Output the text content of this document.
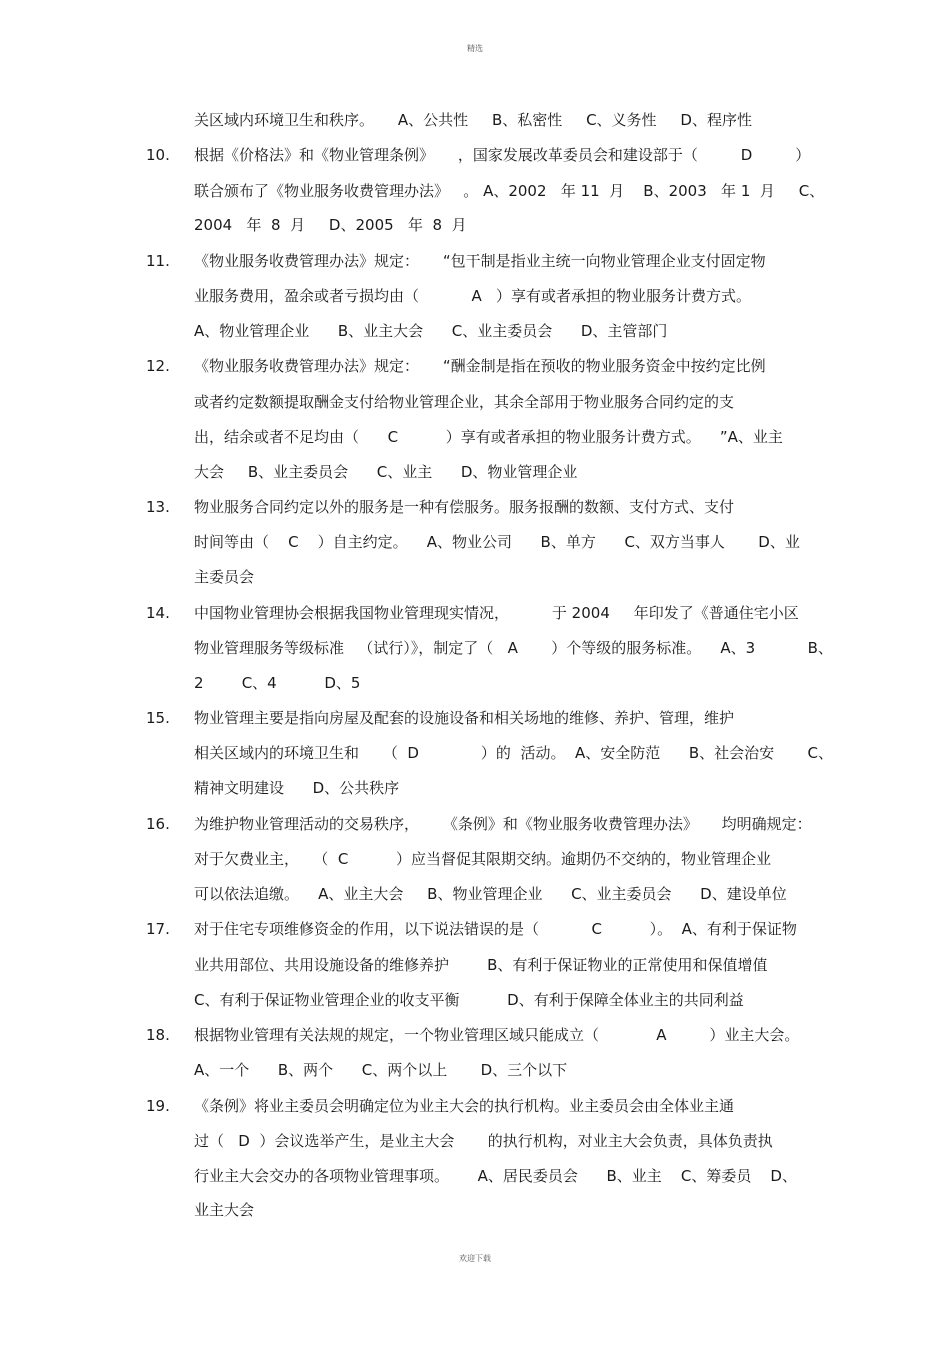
精选
关区域内环境卫生和秩序。     A、公共性     B、私密性     C、义务性     D、程序性
10. 根据《价格法》和《物业管理条例》     ，国家发展改革委员会和建设部于（         D         ）
联合颁布了《物业服务收费管理办法》   。 A、2002   年 11  月    B、2003   年 1  月     C、
2004   年  8  月     D、2005   年  8  月
11. 《物业服务收费管理办法》规定：     “包干制是指业主统一向物业管理企业支付固定物
业服务费用，盈余或者亏损均由（           A   ）享有或者承担的物业服务计费方式。
A、物业管理企业      B、业主大会      C、业主委员会      D、主管部门
12. 《物业服务收费管理办法》规定：     “酬金制是指在预收的物业服务资金中按约定比例
或者约定数额提取酬金支付给物业管理企业，其余全部用于物业服务合同约定的支
出，结余或者不足均由（      C          ）享有或者承担的物业服务计费方式。    ”A、业主
大会     B、业主委员会      C、业主      D、物业管理企业
13. 物业服务合同约定以外的服务是一种有偿服务。服务报酬的数额、支付方式、支付
时间等由（    C    ）自主约定。    A、物业公司      B、单方      C、双方当事人       D、业
主委员会
14. 中国物业管理协会根据我国物业管理现实情况，         于 2004     年印发了《普通住宅小区
物业管理服务等级标准   （试行）》，制定了（   A       ）个等级的服务标准。    A、3           B、
2        C、4          D、5
15. 物业管理主要是指向房屋及配套的设施设备和相关场地的维修、养护、管理，维护
相关区域内的环境卫生和     （  D             ）的  活动。  A、安全防范      B、社会治安       C、
精神文明建设      D、公共秩序
16. 为维护物业管理活动的交易秩序，     《条例》和《物业服务收费管理办法》     均明确规定：
对于欠费业主，   （  C          ）应当督促其限期交纳。逾期仍不交纳的，物业管理企业
可以依法追缴。    A、业主大会     B、物业管理企业      C、业主委员会      D、建设单位
17. 对于住宅专项维修资金的作用，以下说法错误的是（           C          ）。  A、有利于保证物
业共用部位、共用设施设备的维修养护        B、有利于保证物业的正常使用和保值增值
C、有利于保证物业管理企业的收支平衡          D、有利于保障全体业主的共同利益
18. 根据物业管理有关法规的规定，一个物业管理区域只能成立（            A         ）业主大会。
A、一个      B、两个      C、两个以上       D、三个以下
19. 《条例》将业主委员会明确定位为业主大会的执行机构。业主委员会由全体业主通
过（   D  ）会议选举产生，是业主大会       的执行机构，对业主大会负责，具体负责执
行业主大会交办的各项物业管理事项。      A、居民委员会      B、业主    C、筹委员    D、
业主大会
欢迎下载
